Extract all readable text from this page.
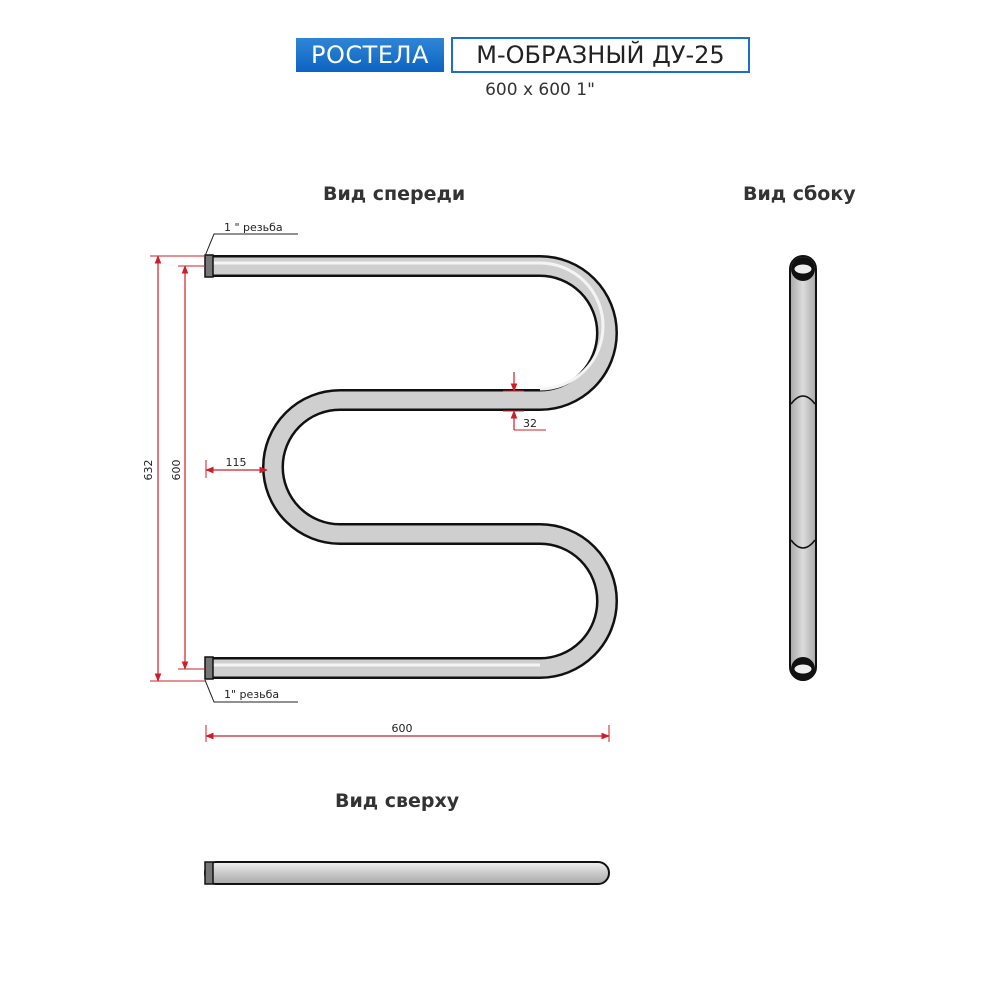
РОСТЕЛА	М-ОБРАЗНЫЙ ДУ-25
600 x 600 1"
Вид спереди	Вид сбоку
Вид сверху
1 " резьба
1" резьба
632 600	115
32
600
